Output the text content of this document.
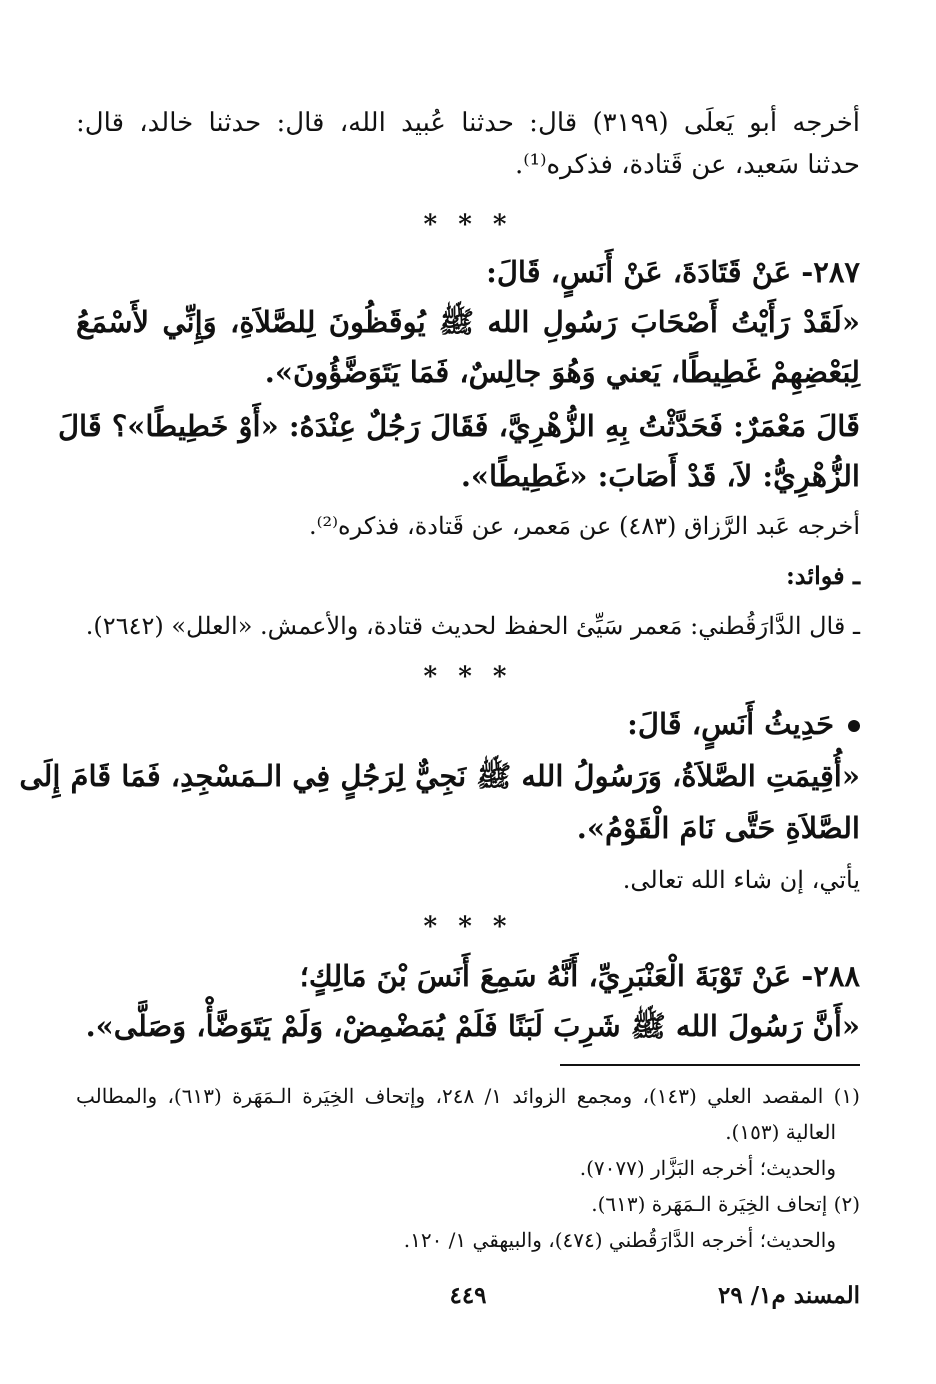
أخرجه أبو يَعلَى (٣١٩٩) قال: حدثنا عُبيد الله، قال: حدثنا خالد، قال:
حدثنا سَعيد، عن قَتادة، فذكره⁽¹⁾.
* * *
٢٨٧- عَنْ قَتَادَةَ، عَنْ أَنَسٍ، قَالَ:
«لَقَدْ رَأَيْتُ أَصْحَابَ رَسُولِ الله ﷺ يُوقَظُونَ لِلصَّلاَةِ، وَإِنِّي لأَسْمَعُ
لِبَعْضِهِمْ غَطِيطًا، يَعني وَهُوَ جالِسٌ، فَمَا يَتَوَضَّؤُونَ».
قَالَ مَعْمَرٌ: فَحَدَّثْتُ بِهِ الزُّهْرِيَّ، فَقَالَ رَجُلٌ عِنْدَهُ: «أَوْ خَطِيطًا»؟ قَالَ
الزُّهْرِيُّ: لاَ، قَدْ أَصَابَ: «غَطِيطًا».
أخرجه عَبد الرَّزاق (٤٨٣) عن مَعمر، عن قَتادة، فذكره⁽²⁾.
ـ فوائد:
ـ قال الدَّارَقُطني: مَعمر سَيِّئ الحفظ لحديث قتادة، والأعمش. «العلل» (٢٦٤٢).
* * *
حَدِيثُ أَنَسٍ، قَالَ:
«أُقِيمَتِ الصَّلاَةُ، وَرَسُولُ الله ﷺ نَجِيٌّ لِرَجُلٍ فِي الـمَسْجِدِ، فَمَا قَامَ إِلَى
الصَّلاَةِ حَتَّى نَامَ الْقَوْمُ».
يأتي، إن شاء الله تعالى.
* * *
٢٨٨- عَنْ تَوْبَةَ الْعَنْبَرِيِّ، أَنَّهُ سَمِعَ أَنَسَ بْنَ مَالِكٍ؛
«أَنَّ رَسُولَ الله ﷺ شَرِبَ لَبَنًا فَلَمْ يُمَضْمِضْ، وَلَمْ يَتَوَضَّأْ، وَصَلَّى».
(١) المقصد العلي (١٤٣)، ومجمع الزوائد ١/ ٢٤٨، وإتحاف الخِيَرة الـمَهَرة (٦١٣)، والمطالب
العالية (١٥٣).
والحديث؛ أخرجه البَزَّار (٧٠٧٧).
(٢) إتحاف الخِيَرة الـمَهَرة (٦١٣).
والحديث؛ أخرجه الدَّارَقُطني (٤٧٤)، والبيهقي ١/ ١٢٠.
المسند م١/ ٢٩
٤٤٩
